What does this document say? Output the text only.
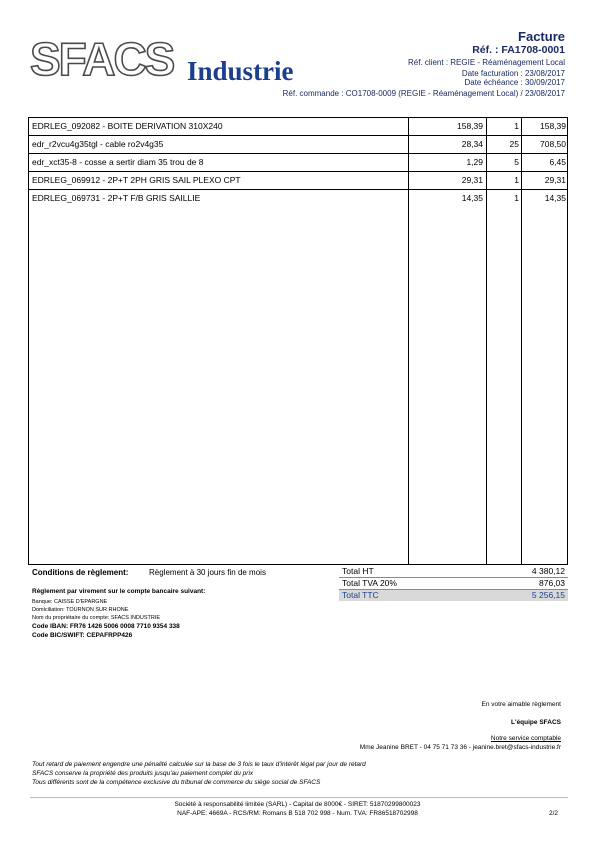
SFACS Industrie
Facture
Réf. : FA1708-0001
Réf. client : REGIE - Réaménagement Local
Date facturation : 23/08/2017
Date échéance : 30/09/2017
Réf. commande : CO1708-0009 (REGIE - Réaménagement Local) / 23/08/2017
EDRLEG_092082 - BOITE DERIVATION 310X240	158,39	1	158,39
edr_r2vcu4g35tgl - cable ro2v4g35	28,34	25	708,50
edr_xct35-8 - cosse a sertir diam 35 trou de 8	1,29	5	6,45
EDRLEG_069912 - 2P+T 2PH GRIS SAIL PLEXO CPT	29,31	1	29,31
EDRLEG_069731 - 2P+T F/B GRIS SAILLIE	14,35	1	14,35
Conditions de règlement:	Règlement à 30 jours fin de mois
Règlement par virement sur le compte bancaire suivant:
Banque: CAISSE D'EPARGNE
Domiciliation: TOURNON SUR RHONE
Nom du propriétaire du compte: SFACS INDUSTRIE
Code IBAN: FR76 1426 5006 0008 7710 9354 338
Code BIC/SWIFT: CEPAFRPP426
Total HT	4 380,12
Total TVA 20%	876,03
Total TTC	5 256,15
En votre aimable règlement
L'équipe SFACS
Notre service comptable
Mme Jeanine BRET - 04 75 71 73 36 - jeanine.bret@sfacs-industrie.fr
Tout retard de paiement engendre une pénalité calculée sur la base de 3 fois le taux d'intérêt légal par jour de retard
SFACS conserve la propriété des produits jusqu'au paiement complet du prix
Tous différents sont de la compétence exclusive du tribunal de commerce du siège social de SFACS
Société à responsabilité limitée (SARL) - Capital de 8000€ - SIRET: 51870299800023
NAF-APE: 4669A - RCS/RM: Romans B 518 702 998 - Num. TVA: FR86518702998	2/2
